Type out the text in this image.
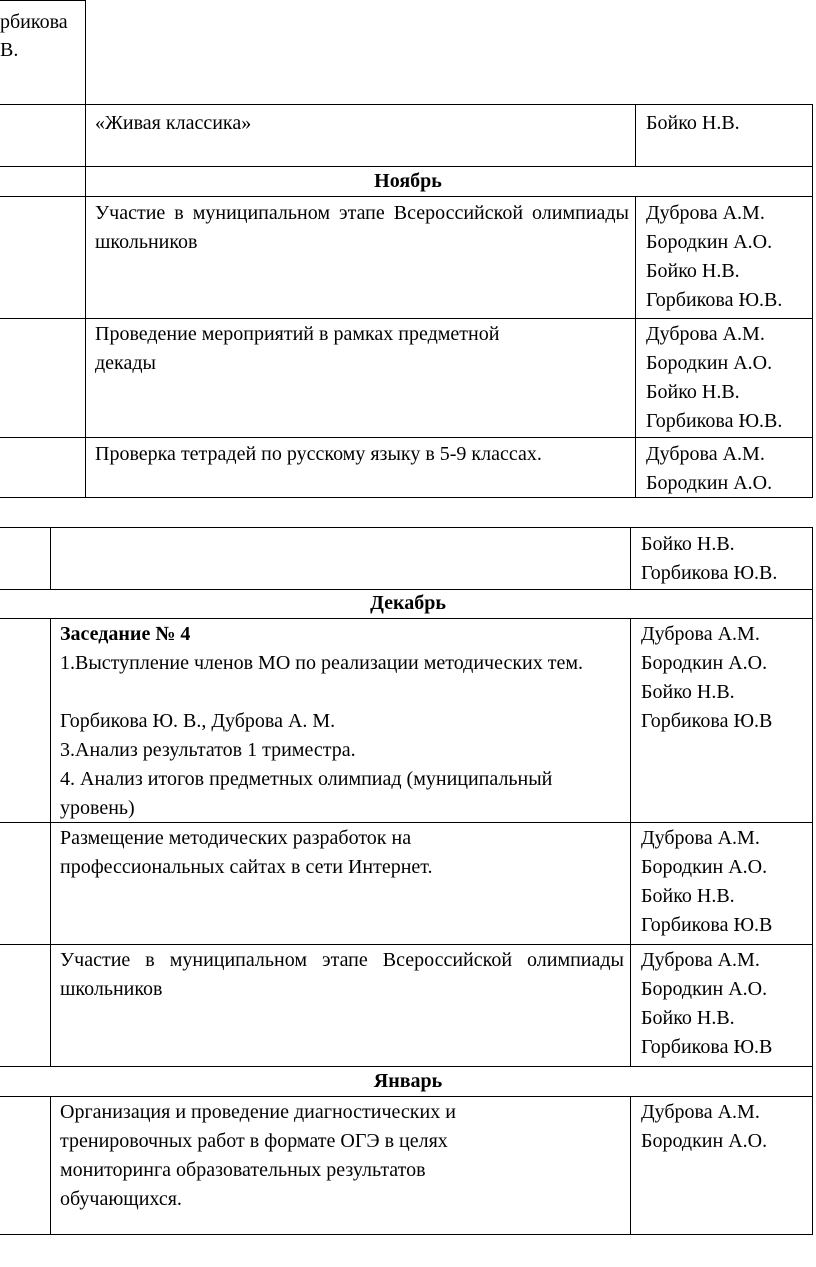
рбикова
В.
«Живая классика»	Бойко Н.В.
Ноябрь
Участие в муниципальном этапе Всероссийской олимпиады школьников
Дуброва А.М.
Бородкин А.О.
Бойко Н.В.
Горбикова Ю.В.
Проведение мероприятий в рамках предметной декады
Дуброва А.М.
Бородкин А.О.
Бойко Н.В.
Горбикова Ю.В.
Проверка тетрадей по русскому языку в 5-9 классах.	Дуброва А.М.
Бородкин А.О.
Бойко Н.В.
Горбикова Ю.В.
Декабрь
Заседание № 4
1.Выступление членов МО по реализации методических тем.
Горбикова Ю. В., Дуброва А. М.
3.Анализ результатов 1 триместра.
4. Анализ итогов предметных олимпиад (муниципальный уровень)
Дуброва А.М.
Бородкин А.О.
Бойко Н.В.
Горбикова Ю.В
Размещение методических разработок на профессиональных сайтах в сети Интернет.
Дуброва А.М.
Бородкин А.О.
Бойко Н.В.
Горбикова Ю.В
Участие в муниципальном этапе Всероссийской олимпиады школьников
Дуброва А.М.
Бородкин А.О.
Бойко Н.В.
Горбикова Ю.В
Январь
Организация и проведение диагностических и тренировочных работ в формате ОГЭ в целях мониторинга образовательных результатов обучающихся.
Дуброва А.М.
Бородкин А.О.
